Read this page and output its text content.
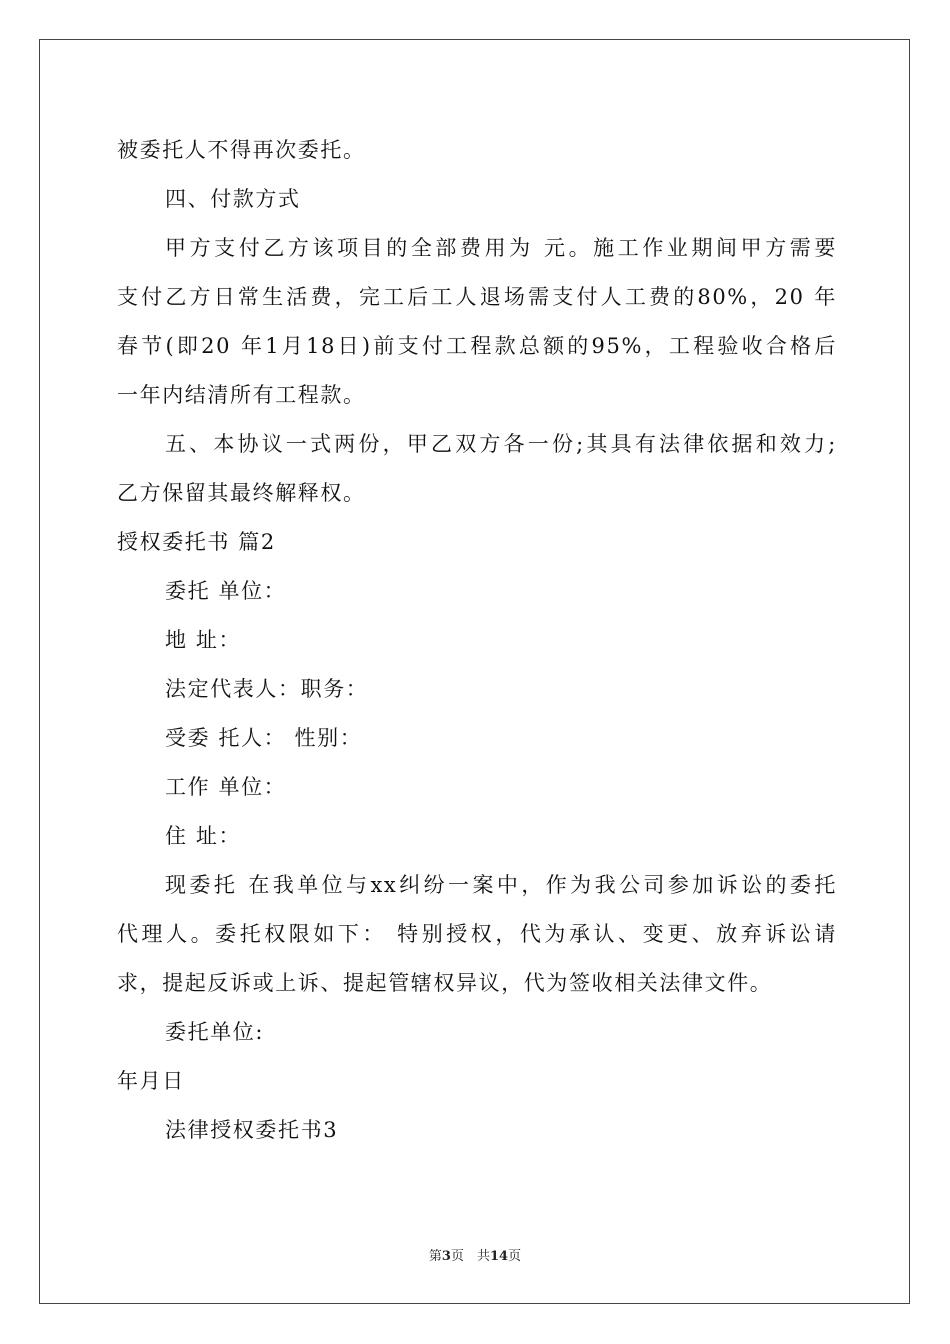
被委托人不得再次委托。
四、付款方式
甲方支付乙方该项目的全部费用为 元。施工作业期间甲方需要
支付乙方日常生活费，完工后工人退场需支付人工费的80%，20 年
春节(即20 年1月18日)前支付工程款总额的95%，工程验收合格后
一年内结清所有工程款。
五、本协议一式两份，甲乙双方各一份;其具有法律依据和效力;
乙方保留其最终解释权。
授权委托书 篇2
委托 单位：
地 址：
法定代表人：职务：
受委 托人： 性别：
工作 单位：
住 址：
现委托 在我单位与xx纠纷一案中，作为我公司参加诉讼的委托
代理人。委托权限如下： 特别授权，代为承认、变更、放弃诉讼请
求，提起反诉或上诉、提起管辖权异议，代为签收相关法律文件。
委托单位:
年月日
法律授权委托书3
第3页　共14页
